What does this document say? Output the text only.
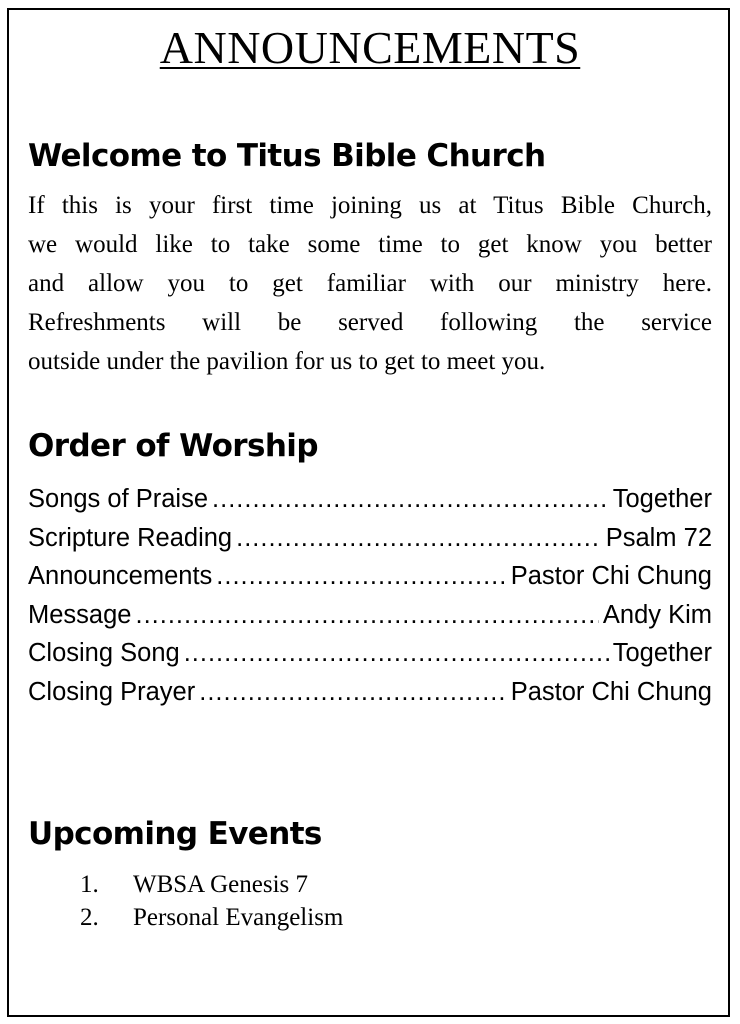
ANNOUNCEMENTS
Welcome to Titus Bible Church
If this is your first time joining us at Titus Bible Church,
we would like to take some time to get know you better
and allow you to get familiar with our ministry here.
Refreshments will be served following the service
outside under the pavilion for us to get to meet you.
Order of Worship
Songs of Praise .....	Together
Scripture Reading .....	Psalm 72
Announcements .....	Pastor Chi Chung
Message .....	Andy Kim
Closing Song .....	Together
Closing Prayer .....	Pastor Chi Chung
Upcoming Events
1.	WBSA Genesis 7
2.	Personal Evangelism
